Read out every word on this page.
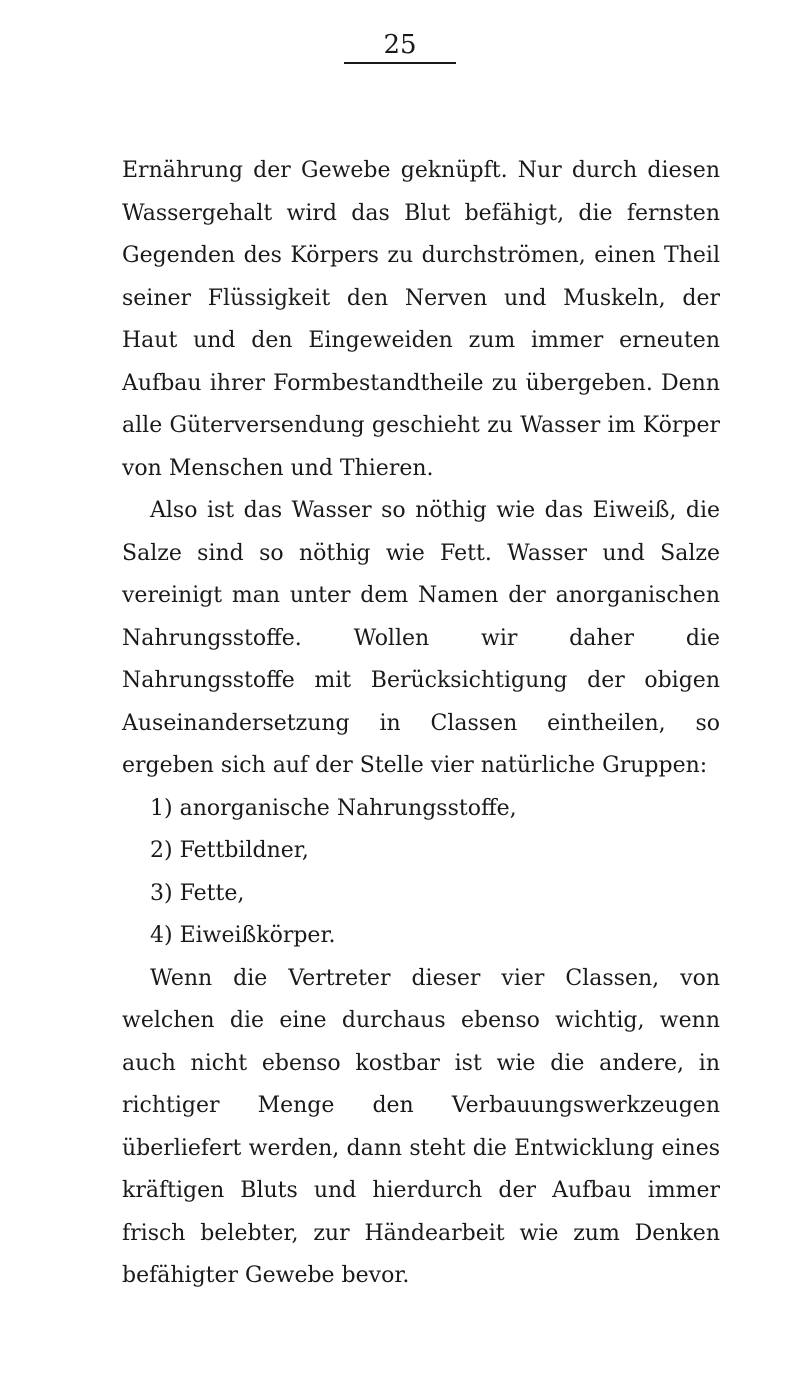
25

Ernährung der Gewebe geknüpft. Nur durch diesen Wassergehalt wird das Blut befähigt, die fernsten Gegenden des Körpers zu durchströmen, einen Theil seiner Flüssigkeit den Nerven und Muskeln, der Haut und den Eingeweiden zum immer erneuten Aufbau ihrer Formbestandtheile zu übergeben. Denn alle Güterversendung geschieht zu Wasser im Körper von Menschen und Thieren.

Also ist das Wasser so nöthig wie das Eiweiß, die Salze sind so nöthig wie Fett. Wasser und Salze vereinigt man unter dem Namen der anorganischen Nahrungsstoffe. Wollen wir daher die Nahrungsstoffe mit Berücksichtigung der obigen Auseinandersetzung in Classen eintheilen, so ergeben sich auf der Stelle vier natürliche Gruppen:

1) anorganische Nahrungsstoffe,
2) Fettbildner,
3) Fette,
4) Eiweißkörper.

Wenn die Vertreter dieser vier Classen, von welchen die eine durchaus ebenso wichtig, wenn auch nicht ebenso kostbar ist wie die andere, in richtiger Menge den Verbauungswerkzeugen überliefert werden, dann steht die Entwicklung eines kräftigen Bluts und hierdurch der Aufbau immer frisch belebter, zur Händearbeit wie zum Denken befähigter Gewebe bevor.
